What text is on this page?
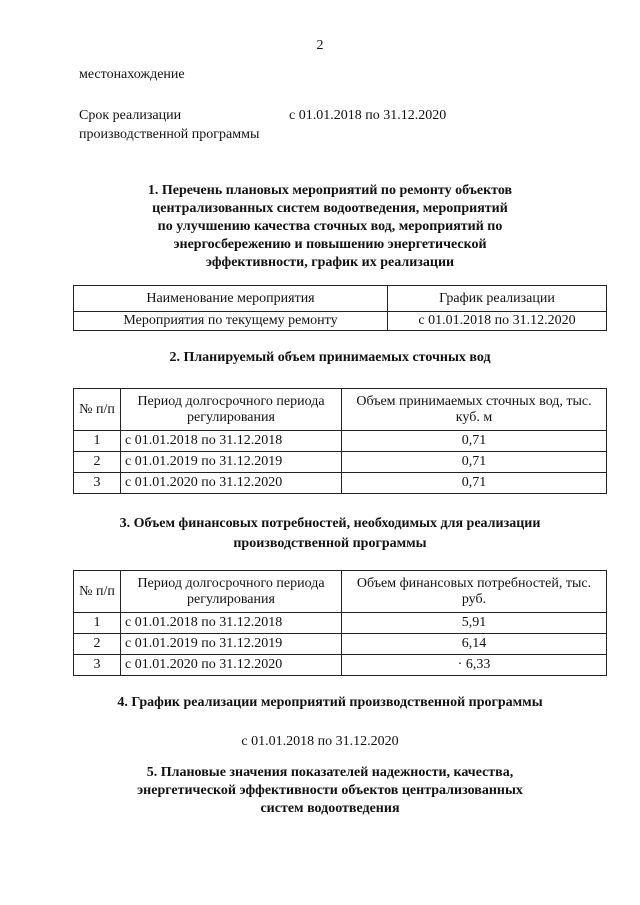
2
местонахождение
Срок реализации
производственной программы
с 01.01.2018 по 31.12.2020
1. Перечень плановых мероприятий по ремонту объектов
централизованных систем водоотведения, мероприятий
по улучшению качества сточных вод, мероприятий по
энергосбережению и повышению энергетической
эффективности, график их реализации
Наименование мероприятия	График реализации
Мероприятия по текущему ремонту	с 01.01.2018 по 31.12.2020
2. Планируемый объем принимаемых сточных вод
№ п/п	Период долгосрочного периода регулирования	Объем принимаемых сточных вод, тыс. куб. м
1	с 01.01.2018 по 31.12.2018	0,71
2	с 01.01.2019 по 31.12.2019	0,71
3	с 01.01.2020 по 31.12.2020	0,71
3. Объем финансовых потребностей, необходимых для реализации
производственной программы
№ п/п	Период долгосрочного периода регулирования	Объем финансовых потребностей, тыс. руб.
1	с 01.01.2018 по 31.12.2018	5,91
2	с 01.01.2019 по 31.12.2019	6,14
3	с 01.01.2020 по 31.12.2020	· 6,33
4. График реализации мероприятий производственной программы
с 01.01.2018 по 31.12.2020
5. Плановые значения показателей надежности, качества,
энергетической эффективности объектов централизованных
систем водоотведения
